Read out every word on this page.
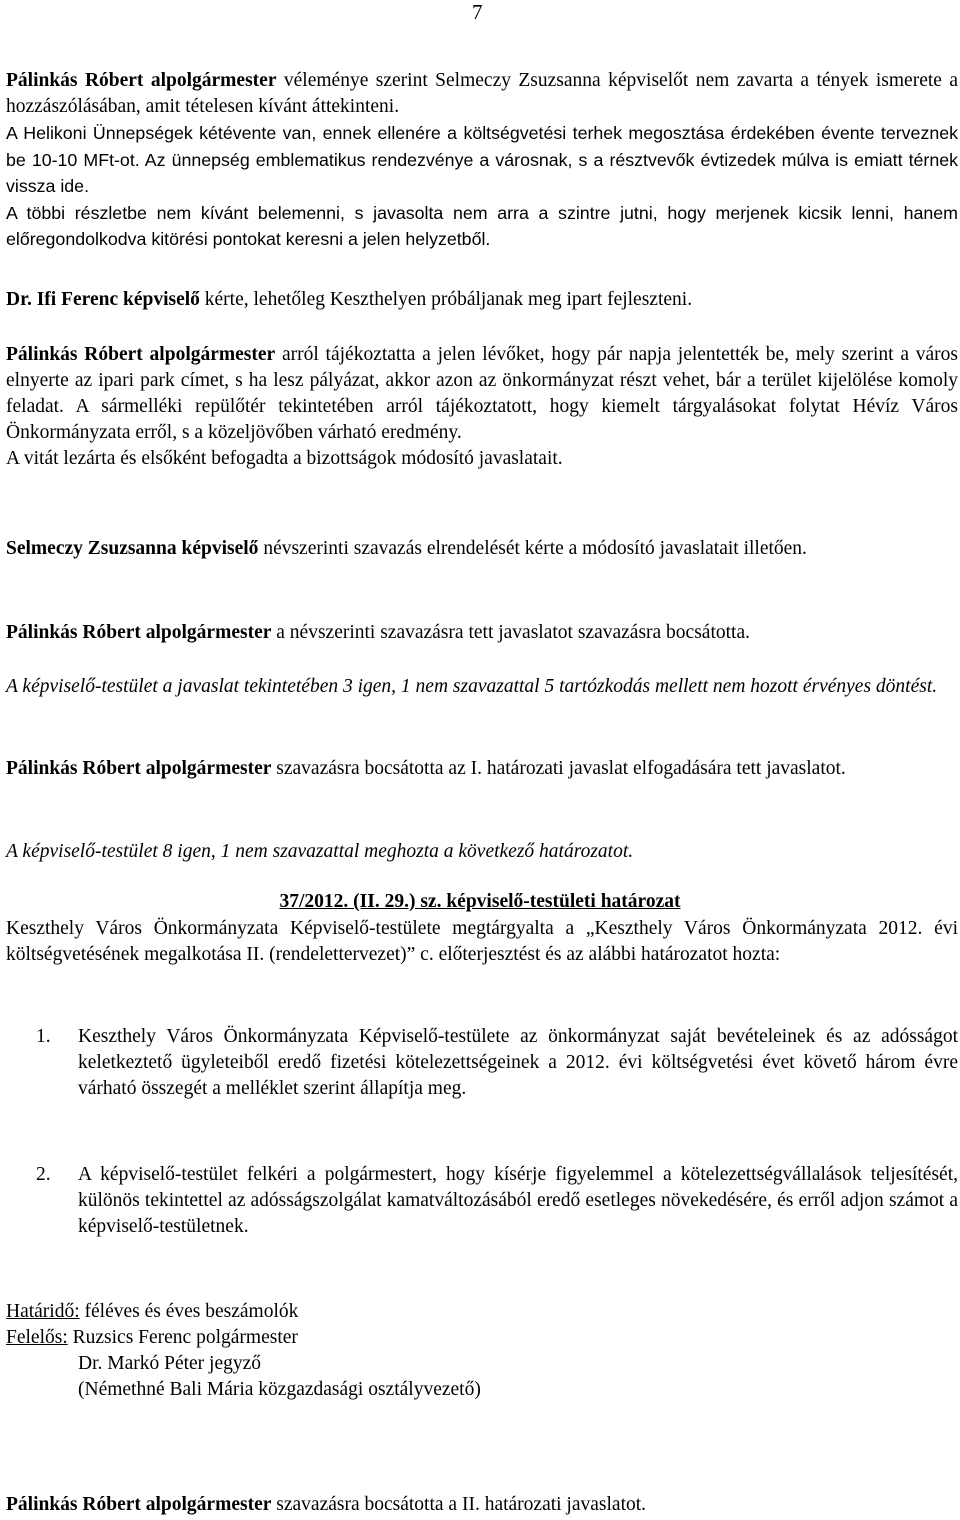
7

Pálinkás Róbert alpolgármester véleménye szerint Selmeczy Zsuzsanna képviselőt nem zavarta a tények ismerete a hozzászólásában, amit tételesen kívánt áttekinteni.
A Helikoni Ünnepségek kétévente van, ennek ellenére a költségvetési terhek megosztása érdekében évente terveznek be 10-10 MFt-ot. Az ünnepség emblematikus rendezvénye a városnak, s a résztvevők évtizedek múlva is emiatt térnek vissza ide.
A többi részletbe nem kívánt belemenni, s javasolta nem arra a szintre jutni, hogy merjenek kicsik lenni, hanem előregondolkodva kitörési pontokat keresni a jelen helyzetből.

Dr. Ifi Ferenc képviselő kérte, lehetőleg Keszthelyen próbáljanak meg ipart fejleszteni.

Pálinkás Róbert alpolgármester arról tájékoztatta a jelen lévőket, hogy pár napja jelentették be, mely szerint a város elnyerte az ipari park címet, s ha lesz pályázat, akkor azon az önkormányzat részt vehet, bár a terület kijelölése komoly feladat. A sármelléki repülőtér tekintetében arról tájékoztatott, hogy kiemelt tárgyalásokat folytat Hévíz Város Önkormányzata erről, s a közeljövőben várható eredmény.
A vitát lezárta és elsőként befogadta a bizottságok módosító javaslatait.

Selmeczy Zsuzsanna képviselő névszerinti szavazás elrendelését kérte a módosító javaslatait illetően.

Pálinkás Róbert alpolgármester a névszerinti szavazásra tett javaslatot szavazásra bocsátotta.

A képviselő-testület a javaslat tekintetében 3 igen, 1 nem szavazattal 5 tartózkodás mellett nem hozott érvényes döntést.

Pálinkás Róbert alpolgármester szavazásra bocsátotta az I. határozati javaslat elfogadására tett javaslatot.

A képviselő-testület 8 igen, 1 nem szavazattal meghozta a következő határozatot.

37/2012. (II. 29.) sz. képviselő-testületi határozat

Keszthely Város Önkormányzata Képviselő-testülete megtárgyalta a „Keszthely Város Önkormányzata 2012. évi költségvetésének megalkotása II. (rendelettervezet)” c. előterjesztést és az alábbi határozatot hozta:

1. Keszthely Város Önkormányzata Képviselő-testülete az önkormányzat saját bevételeinek és az adósságot keletkeztető ügyleteiből eredő fizetési kötelezettségeinek a 2012. évi költségvetési évet követő három évre várható összegét a melléklet szerint állapítja meg.
2. A képviselő-testület felkéri a polgármestert, hogy kísérje figyelemmel a kötelezettségvállalások teljesítését, különös tekintettel az adósságszolgálat kamatváltozásából eredő esetleges növekedésére, és erről adjon számot a képviselő-testületnek.
Határidő: féléves és éves beszámolók
Felelős: Ruzsics Ferenc polgármester
Dr. Markó Péter jegyző
(Némethné Bali Mária közgazdasági osztályvezető)

Pálinkás Róbert alpolgármester szavazásra bocsátotta a II. határozati javaslatot.
